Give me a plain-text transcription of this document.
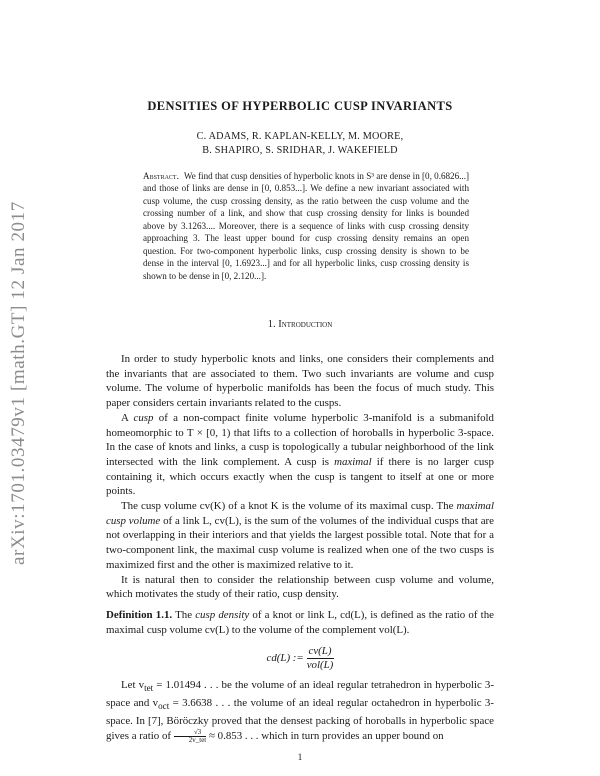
arXiv:1701.03479v1 [math.GT] 12 Jan 2017
DENSITIES OF HYPERBOLIC CUSP INVARIANTS
C. ADAMS, R. KAPLAN-KELLY, M. MOORE,
B. SHAPIRO, S. SRIDHAR, J. WAKEFIELD
Abstract. We find that cusp densities of hyperbolic knots in S³ are dense in [0, 0.6826...] and those of links are dense in [0, 0.853...]. We define a new invariant associated with cusp volume, the cusp crossing density, as the ratio between the cusp volume and the crossing number of a link, and show that cusp crossing density for links is bounded above by 3.1263.... Moreover, there is a sequence of links with cusp crossing density approaching 3. The least upper bound for cusp crossing density remains an open question. For two-component hyperbolic links, cusp crossing density is shown to be dense in the interval [0, 1.6923...] and for all hyperbolic links, cusp crossing density is shown to be dense in [0, 2.120...].
1. Introduction

In order to study hyperbolic knots and links, one considers their complements and the invariants that are associated to them. Two such invariants are volume and cusp volume. The volume of hyperbolic manifolds has been the focus of much study. This paper considers certain invariants related to the cusps.

A cusp of a non-compact finite volume hyperbolic 3-manifold is a submanifold homeomorphic to T × [0, 1) that lifts to a collection of horoballs in hyperbolic 3-space. In the case of knots and links, a cusp is topologically a tubular neighborhood of the link intersected with the link complement. A cusp is maximal if there is no larger cusp containing it, which occurs exactly when the cusp is tangent to itself at one or more points.

The cusp volume cv(K) of a knot K is the volume of its maximal cusp. The maximal cusp volume of a link L, cv(L), is the sum of the volumes of the individual cusps that are not overlapping in their interiors and that yields the largest possible total. Note that for a two-component link, the maximal cusp volume is realized when one of the two cusps is maximized first and the other is maximized relative to it.

It is natural then to consider the relationship between cusp volume and volume, which motivates the study of their ratio, cusp density.

Definition 1.1. The cusp density of a knot or link L, cd(L), is defined as the ratio of the maximal cusp volume cv(L) to the volume of the complement vol(L).

cd(L) := $\frac{cv(L)}{\text{vol(L)}}$

Let $v_{tet} = 1.01494$ . . . be the volume of an ideal regular tetrahedron in hyperbolic 3-space and $v_{oct} = 3.6638$ . . . the volume of an ideal regular octahedron in hyperbolic 3-space. In [7], Böröczky proved that the densest packing of horoballs in hyperbolic space gives a ratio of	√3
2v_tet ≈ 0.853 . . . which in turn provides an upper bound on

1
